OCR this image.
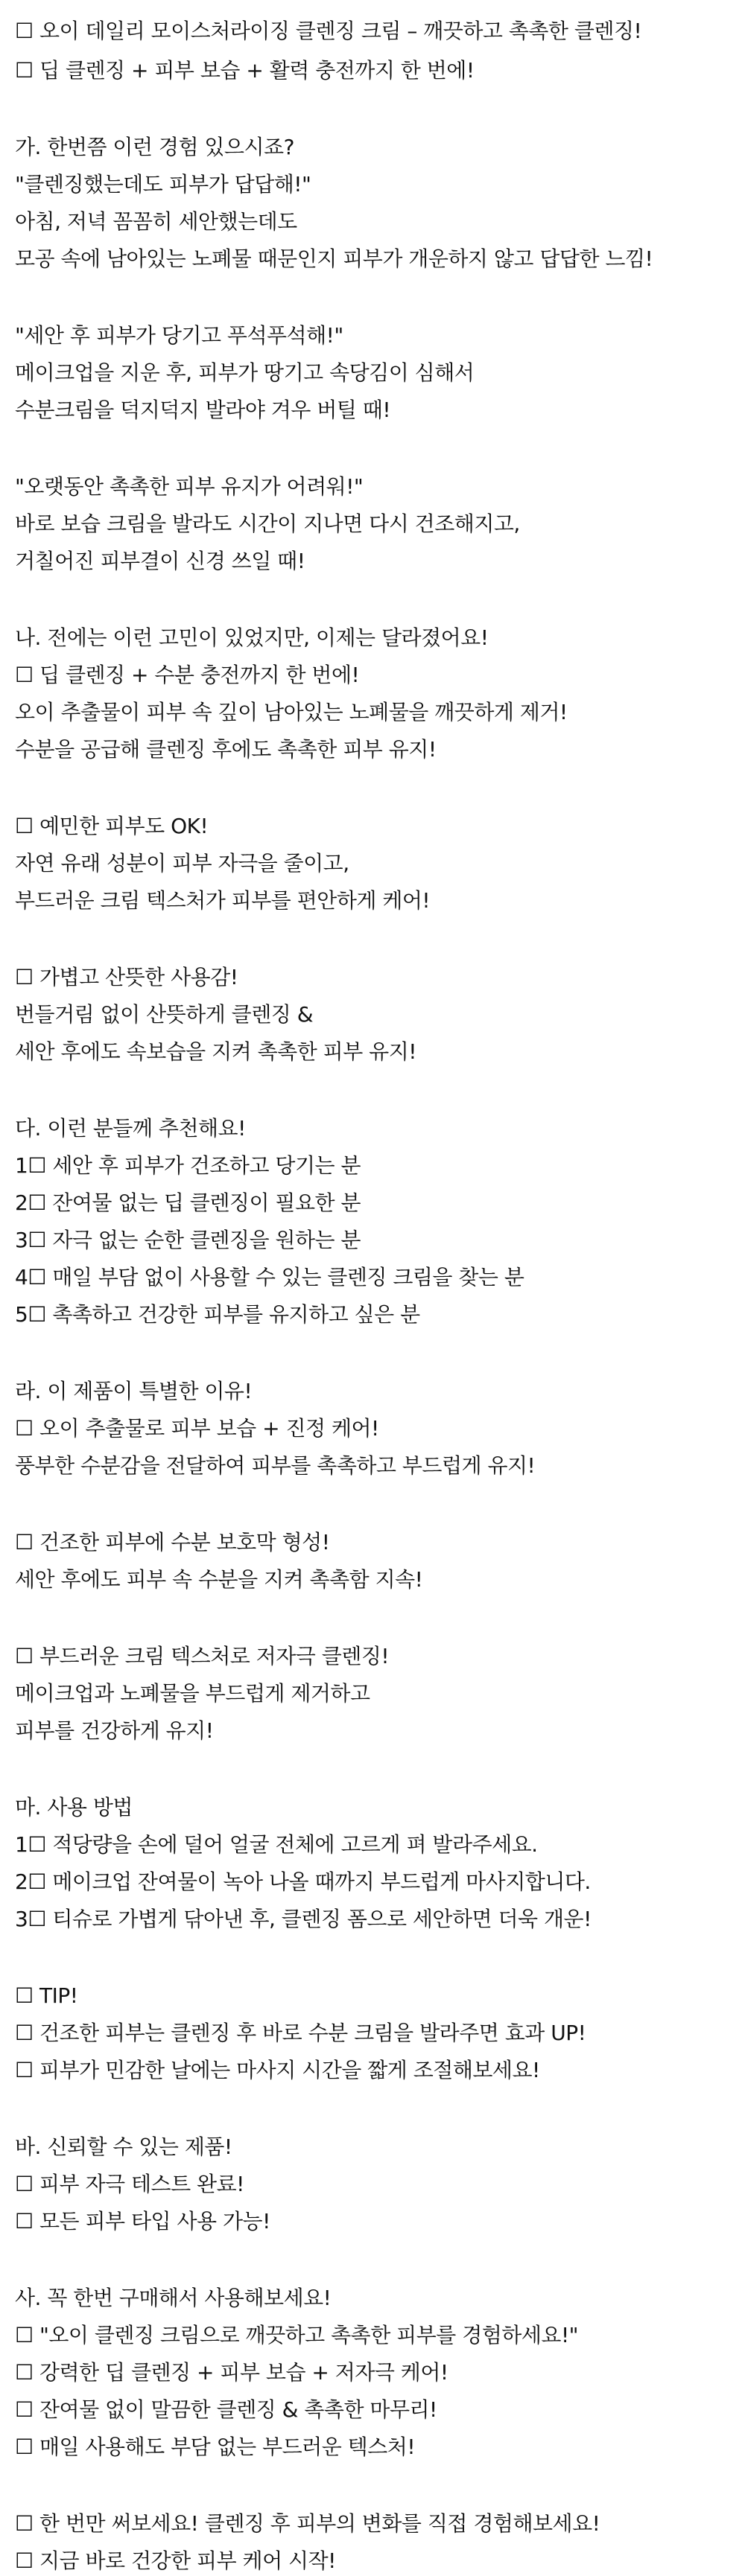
☐ 오이 데일리 모이스처라이징 클렌징 크림 – 깨끗하고 촉촉한 클렌징!
☐ 딥 클렌징 + 피부 보습 + 활력 충전까지 한 번에!
가. 한번쯤 이런 경험 있으시죠?
"클렌징했는데도 피부가 답답해!"
아침, 저녁 꼼꼼히 세안했는데도
모공 속에 남아있는 노폐물 때문인지 피부가 개운하지 않고 답답한 느낌!
"세안 후 피부가 당기고 푸석푸석해!"
메이크업을 지운 후, 피부가 땅기고 속당김이 심해서
수분크림을 덕지덕지 발라야 겨우 버틸 때!
"오랫동안 촉촉한 피부 유지가 어려워!"
바로 보습 크림을 발라도 시간이 지나면 다시 건조해지고,
거칠어진 피부결이 신경 쓰일 때!
나. 전에는 이런 고민이 있었지만, 이제는 달라졌어요!
☐ 딥 클렌징 + 수분 충전까지 한 번에!
오이 추출물이 피부 속 깊이 남아있는 노폐물을 깨끗하게 제거!
수분을 공급해 클렌징 후에도 촉촉한 피부 유지!
☐ 예민한 피부도 OK!
자연 유래 성분이 피부 자극을 줄이고,
부드러운 크림 텍스처가 피부를 편안하게 케어!
☐ 가볍고 산뜻한 사용감!
번들거림 없이 산뜻하게 클렌징 &
세안 후에도 속보습을 지켜 촉촉한 피부 유지!
다. 이런 분들께 추천해요!
1☐ 세안 후 피부가 건조하고 당기는 분
2☐ 잔여물 없는 딥 클렌징이 필요한 분
3☐ 자극 없는 순한 클렌징을 원하는 분
4☐ 매일 부담 없이 사용할 수 있는 클렌징 크림을 찾는 분
5☐ 촉촉하고 건강한 피부를 유지하고 싶은 분
라. 이 제품이 특별한 이유!
☐ 오이 추출물로 피부 보습 + 진정 케어!
풍부한 수분감을 전달하여 피부를 촉촉하고 부드럽게 유지!
☐ 건조한 피부에 수분 보호막 형성!
세안 후에도 피부 속 수분을 지켜 촉촉함 지속!
☐ 부드러운 크림 텍스처로 저자극 클렌징!
메이크업과 노폐물을 부드럽게 제거하고
피부를 건강하게 유지!
마. 사용 방법
1☐ 적당량을 손에 덜어 얼굴 전체에 고르게 펴 발라주세요.
2☐ 메이크업 잔여물이 녹아 나올 때까지 부드럽게 마사지합니다.
3☐ 티슈로 가볍게 닦아낸 후, 클렌징 폼으로 세안하면 더욱 개운!
☐ TIP!
☐ 건조한 피부는 클렌징 후 바로 수분 크림을 발라주면 효과 UP!
☐ 피부가 민감한 날에는 마사지 시간을 짧게 조절해보세요!
바. 신뢰할 수 있는 제품!
☐ 피부 자극 테스트 완료!
☐ 모든 피부 타입 사용 가능!
사. 꼭 한번 구매해서 사용해보세요!
☐ "오이 클렌징 크림으로 깨끗하고 촉촉한 피부를 경험하세요!"
☐ 강력한 딥 클렌징 + 피부 보습 + 저자극 케어!
☐ 잔여물 없이 말끔한 클렌징 & 촉촉한 마무리!
☐ 매일 사용해도 부담 없는 부드러운 텍스처!
☐ 한 번만 써보세요! 클렌징 후 피부의 변화를 직접 경험해보세요!
☐ 지금 바로 건강한 피부 케어 시작!
